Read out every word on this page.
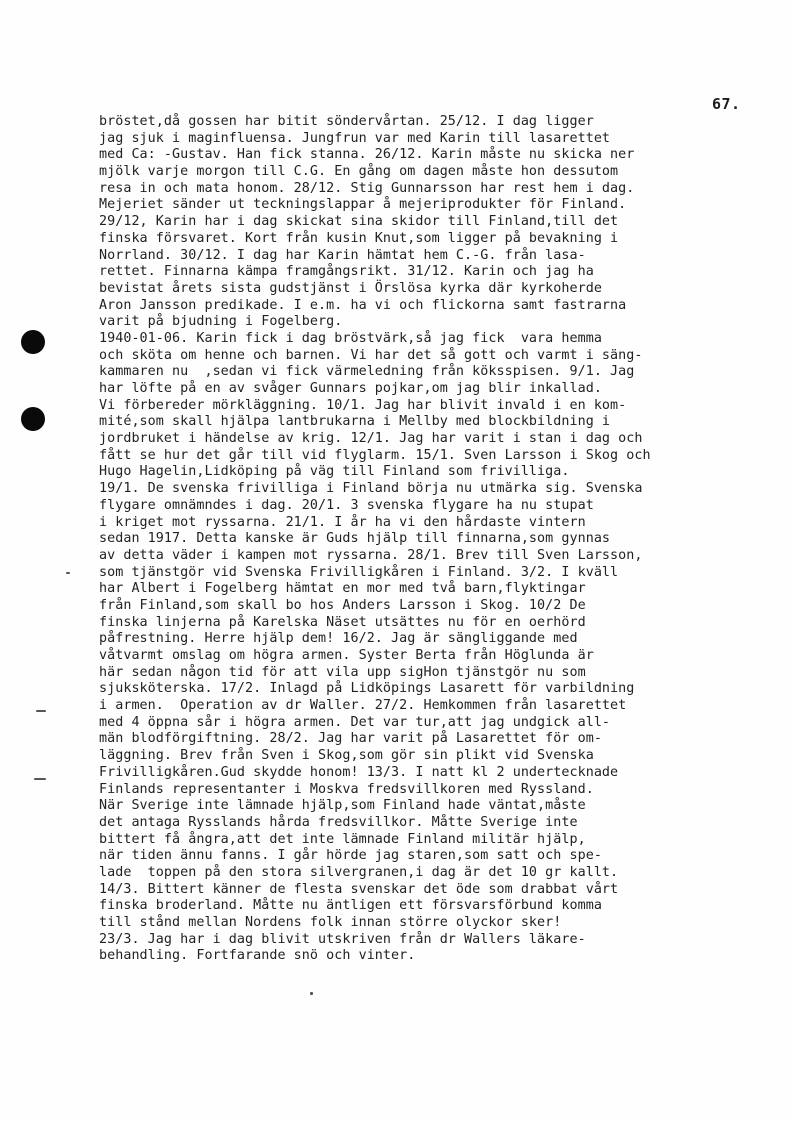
67.
bröstet,då gossen har bitit söndervårtan. 25/12. I dag ligger
jag sjuk i maginfluensa. Jungfrun var med Karin till lasarettet
med Ca: -Gustav. Han fick stanna. 26/12. Karin måste nu skicka ner
mjölk varje morgon till C.G. En gång om dagen måste hon dessutom
resa in och mata honom. 28/12. Stig Gunnarsson har rest hem i dag.
Mejeriet sänder ut teckningslappar å mejeriprodukter för Finland.
29/12, Karin har i dag skickat sina skidor till Finland,till det
finska försvaret. Kort från kusin Knut,som ligger på bevakning i
Norrland. 30/12. I dag har Karin hämtat hem C.-G. från lasa-
rettet. Finnarna kämpa framgångsrikt. 31/12. Karin och jag ha
bevistat årets sista gudstjänst i Örslösa kyrka där kyrkoherde
Aron Jansson predikade. I e.m. ha vi och flickorna samt fastrarna
varit på bjudning i Fogelberg.
1940-01-06. Karin fick i dag bröstvärk,så jag fick  vara hemma
och sköta om henne och barnen. Vi har det så gott och varmt i säng-
kammaren nu  ,sedan vi fick värmeledning från köksspisen. 9/1. Jag
har löfte på en av svåger Gunnars pojkar,om jag blir inkallad.
Vi förbereder mörkläggning. 10/1. Jag har blivit invald i en kom-
mité,som skall hjälpa lantbrukarna i Mellby med blockbildning i
jordbruket i händelse av krig. 12/1. Jag har varit i stan i dag och
fått se hur det går till vid flyglarm. 15/1. Sven Larsson i Skog och
Hugo Hagelin,Lidköping på väg till Finland som frivilliga.
19/1. De svenska frivilliga i Finland börja nu utmärka sig. Svenska
flygare omnämndes i dag. 20/1. 3 svenska flygare ha nu stupat
i kriget mot ryssarna. 21/1. I år ha vi den hårdaste vintern
sedan 1917. Detta kanske är Guds hjälp till finnarna,som gynnas
av detta väder i kampen mot ryssarna. 28/1. Brev till Sven Larsson,
som tjänstgör vid Svenska Frivilligkåren i Finland. 3/2. I kväll
har Albert i Fogelberg hämtat en mor med två barn,flyktingar
från Finland,som skall bo hos Anders Larsson i Skog. 10/2 De
finska linjerna på Karelska Näset utsättes nu för en oerhörd
påfrestning. Herre hjälp dem! 16/2. Jag är sängliggande med
våtvarmt omslag om högra armen. Syster Berta från Höglunda är
här sedan någon tid för att vila upp sigHon tjänstgör nu som
sjuksköterska. 17/2. Inlagd på Lidköpings Lasarett för varbildning
i armen.  Operation av dr Waller. 27/2. Hemkommen från lasarettet
med 4 öppna sår i högra armen. Det var tur,att jag undgick all-
män blodförgiftning. 28/2. Jag har varit på Lasarettet för om-
läggning. Brev från Sven i Skog,som gör sin plikt vid Svenska
Frivilligkåren.Gud skydde honom! 13/3. I natt kl 2 undertecknade
Finlands representanter i Moskva fredsvillkoren med Ryssland.
När Sverige inte lämnade hjälp,som Finland hade väntat,måste
det antaga Rysslands hårda fredsvillkor. Måtte Sverige inte
bittert få ångra,att det inte lämnade Finland militär hjälp,
när tiden ännu fanns. I går hörde jag staren,som satt och spe-
lade  toppen på den stora silvergranen,i dag är det 10 gr kallt.
14/3. Bittert känner de flesta svenskar det öde som drabbat vårt
finska broderland. Måtte nu äntligen ett försvarsförbund komma
till stånd mellan Nordens folk innan större olyckor sker!
23/3. Jag har i dag blivit utskriven från dr Wallers läkare-
behandling. Fortfarande snö och vinter.
